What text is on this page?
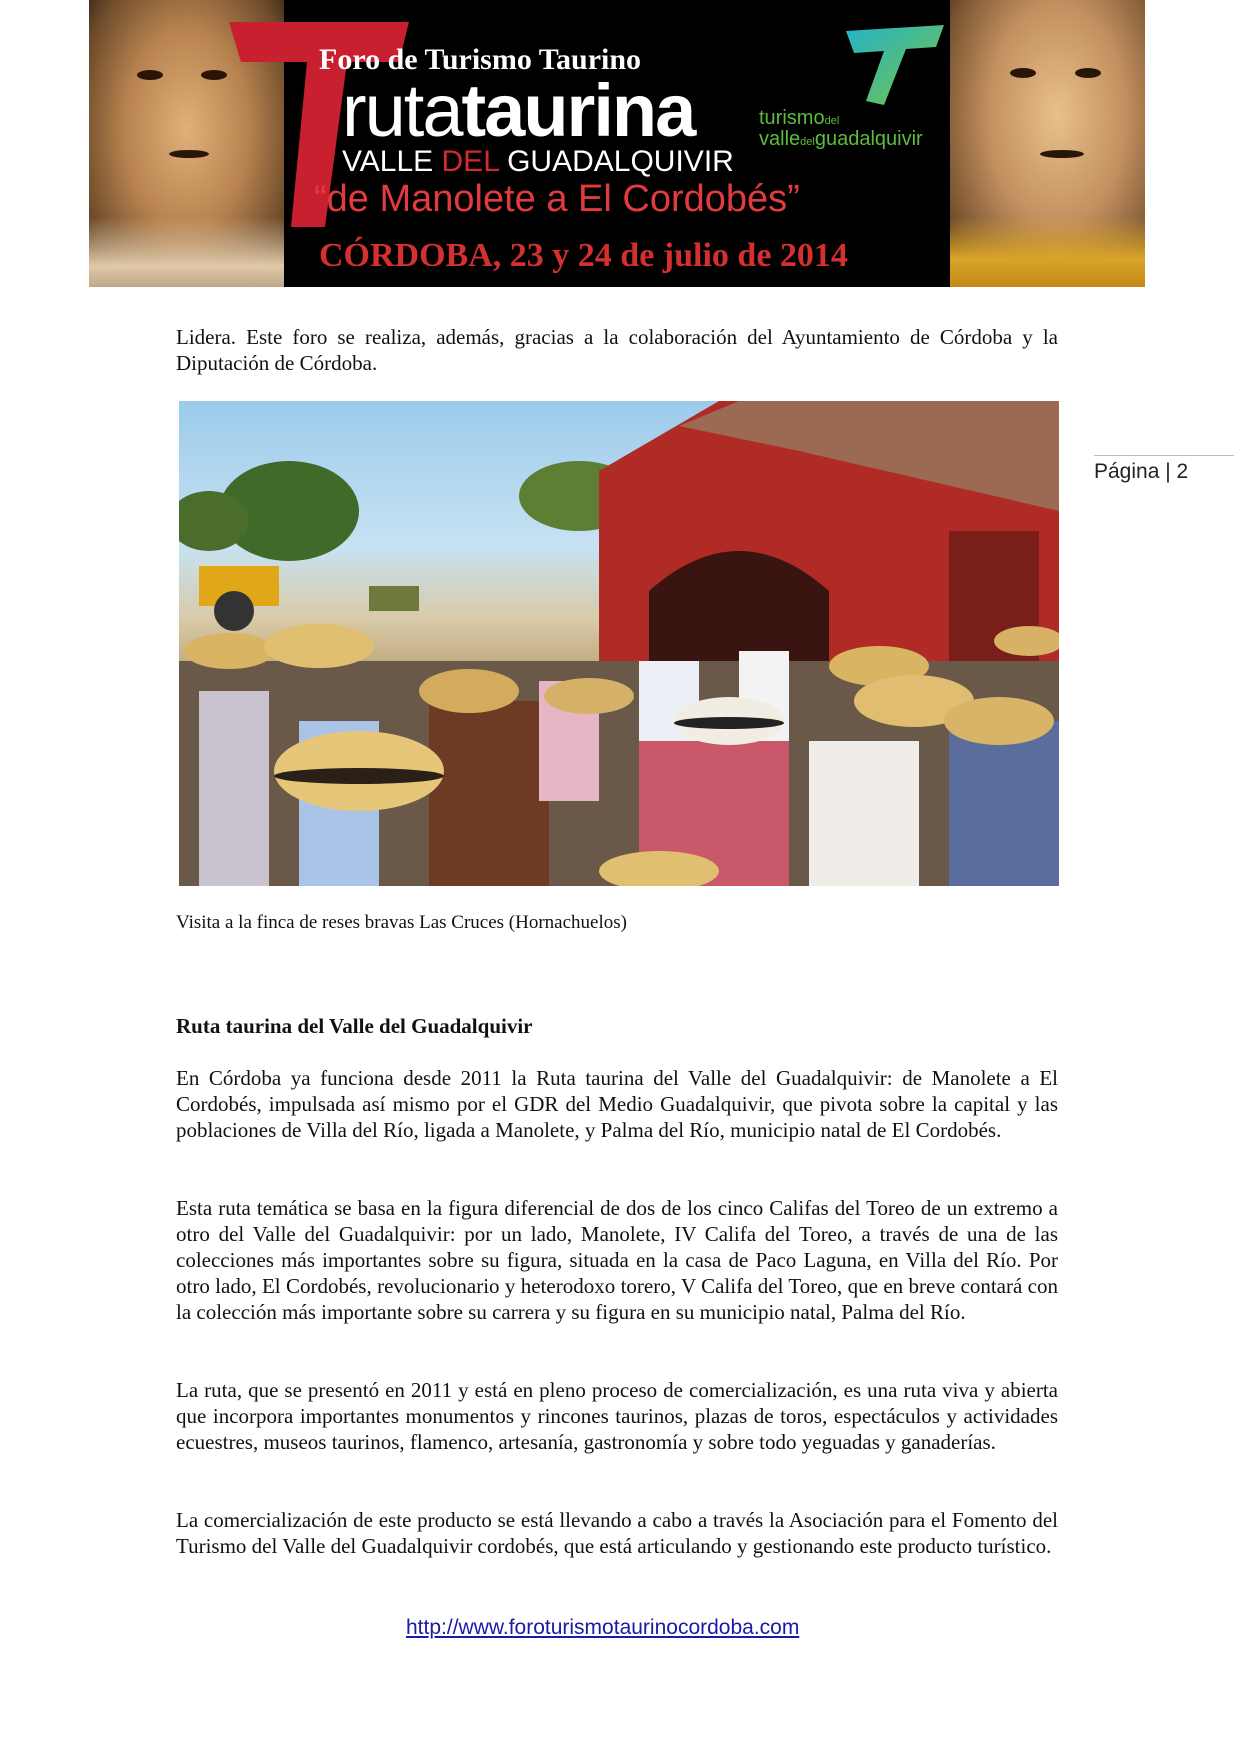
Foro de Turismo Taurino
rutataurina
VALLE DEL GUADALQUIVIR
“de Manolete a El Cordobés”
CÓRDOBA, 23 y 24 de julio de 2014
turismodel
valledelguadalquivir

Lidera. Este foro se realiza, además, gracias a la colaboración del Ayuntamiento de Córdoba y la Diputación de Córdoba.

Visita a la finca de reses bravas Las Cruces (Hornachuelos)

Página | 2
Ruta taurina del Valle del Guadalquivir

En Córdoba ya funciona desde 2011 la Ruta taurina del Valle del Guadalquivir: de Manolete a El Cordobés, impulsada así mismo por el GDR del Medio Guadalquivir, que pivota sobre la capital y las poblaciones de Villa del Río, ligada a Manolete, y Palma del Río, municipio natal de El Cordobés.

Esta ruta temática se basa en la figura diferencial de dos de los cinco Califas del Toreo de un extremo a otro del Valle del Guadalquivir: por un lado, Manolete, IV Califa del Toreo, a través de una de las colecciones más importantes sobre su figura, situada en la casa de Paco Laguna, en Villa del Río. Por otro lado, El Cordobés, revolucionario y heterodoxo torero, V Califa del Toreo, que en breve contará con la colección más importante sobre su carrera y su figura en su municipio natal, Palma del Río.

La ruta, que se presentó en 2011 y está en pleno proceso de comercialización, es una ruta viva y abierta que incorpora importantes monumentos y rincones taurinos, plazas de toros, espectáculos y actividades ecuestres, museos taurinos, flamenco, artesanía, gastronomía y sobre todo yeguadas y ganaderías.

La comercialización de este producto se está llevando a cabo a través la Asociación para el Fomento del Turismo del Valle del Guadalquivir cordobés, que está articulando y gestionando este producto turístico.

http://www.foroturismotaurinocordoba.com
